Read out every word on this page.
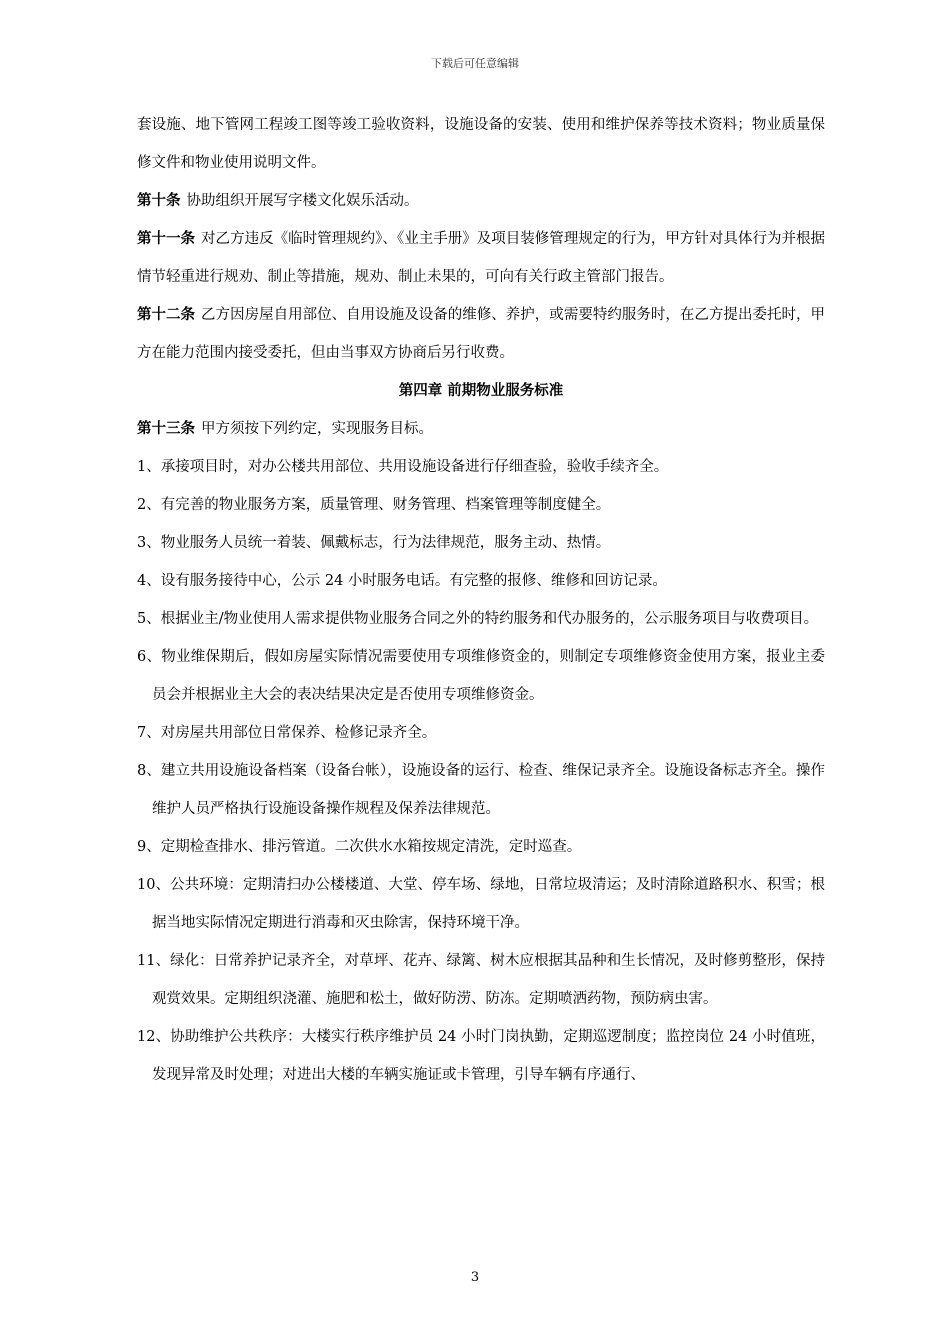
下载后可任意编辑

套设施、地下管网工程竣工图等竣工验收资料，设施设备的安装、使用和维护保养等技术资料；物业质量保修文件和物业使用说明文件。

第十条 协助组织开展写字楼文化娱乐活动。

第十一条 对乙方违反《临时管理规约》、《业主手册》及项目装修管理规定的行为，甲方针对具体行为并根据情节轻重进行规劝、制止等措施，规劝、制止未果的，可向有关行政主管部门报告。

第十二条 乙方因房屋自用部位、自用设施及设备的维修、养护，或需要特约服务时，在乙方提出委托时，甲方在能力范围内接受委托，但由当事双方协商后另行收费。

第四章 前期物业服务标准

第十三条 甲方须按下列约定，实现服务目标。

1、承接项目时，对办公楼共用部位、共用设施设备进行仔细查验，验收手续齐全。

2、有完善的物业服务方案，质量管理、财务管理、档案管理等制度健全。

3、物业服务人员统一着装、佩戴标志，行为法律规范，服务主动、热情。

4、设有服务接待中心，公示 24 小时服务电话。有完整的报修、维修和回访记录。

5、根据业主/物业使用人需求提供物业服务合同之外的特约服务和代办服务的，公示服务项目与收费项目。

6、物业维保期后，假如房屋实际情况需要使用专项维修资金的，则制定专项维修资金使用方案，报业主委员会并根据业主大会的表决结果决定是否使用专项维修资金。

7、对房屋共用部位日常保养、检修记录齐全。

8、建立共用设施设备档案（设备台帐），设施设备的运行、检查、维保记录齐全。设施设备标志齐全。操作维护人员严格执行设施设备操作规程及保养法律规范。

9、定期检查排水、排污管道。二次供水水箱按规定清洗，定时巡查。

10、公共环境：定期清扫办公楼楼道、大堂、停车场、绿地，日常垃圾清运；及时清除道路积水、积雪；根据当地实际情况定期进行消毒和灭虫除害，保持环境干净。

11、绿化：日常养护记录齐全，对草坪、花卉、绿篱、树木应根据其品种和生长情况，及时修剪整形，保持观赏效果。定期组织浇灌、施肥和松土，做好防涝、防冻。定期喷洒药物，预防病虫害。

12、协助维护公共秩序：大楼实行秩序维护员 24 小时门岗执勤，定期巡逻制度；监控岗位 24 小时值班，发现异常及时处理；对进出大楼的车辆实施证或卡管理，引导车辆有序通行、

3
